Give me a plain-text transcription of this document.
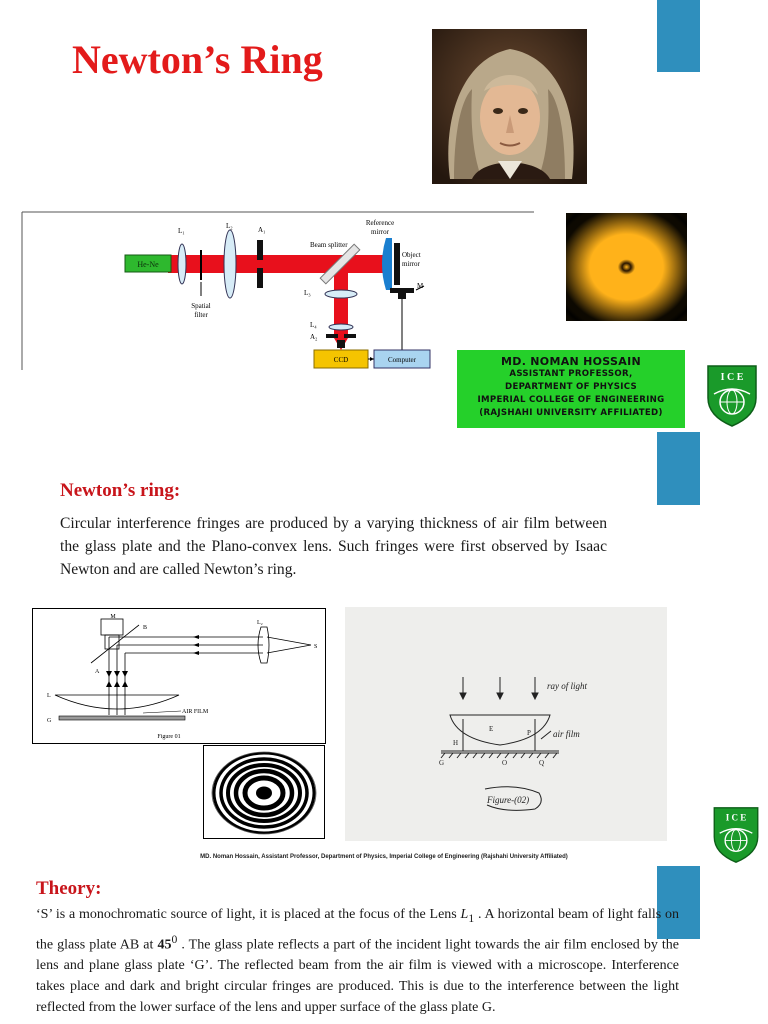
Newton’s Ring
He-Ne
L₁
Spatial
filter
L₂	A₁
Beam splitter
Reference
mirror
Object
mirror
M
L₃
L₄
A₂
CCD	Computer	MD. NOMAN HOSSAIN
ASSISTANT PROFESSOR,
DEPARTMENT OF PHYSICS
IMPERIAL COLLEGE OF ENGINEERING
(RAJSHAHI UNIVERSITY AFFILIATED)
I C E
I C E
Newton’s ring:
Circular interference fringes are produced by a varying thickness of air film between the glass plate and the Plano-convex lens. Such fringes were first observed by Isaac Newton and are called Newton’s ring.
M
B
A
L₂
S
L
G
AIR FILM
Figure 01
ray of light
air film
E	P
H
G	O	Q
Figure-(02)
MD. Noman Hossain, Assistant Professor, Department of Physics, Imperial College of Engineering (Rajshahi University Affiliated)
Theory:
‘S’ is a monochromatic source of light, it is placed at the focus of the Lens $L_1$ . A horizontal beam of light falls on the glass plate AB at $45^0$ . The glass plate reflects a part of the incident light towards the air film enclosed by the lens and plane glass plate ‘G’. The reflected beam from the air film is viewed with a microscope. Interference takes place and dark and bright circular fringes are produced. This is due to the interference between the light reflected from the lower surface of the lens and upper surface of the glass plate G.
